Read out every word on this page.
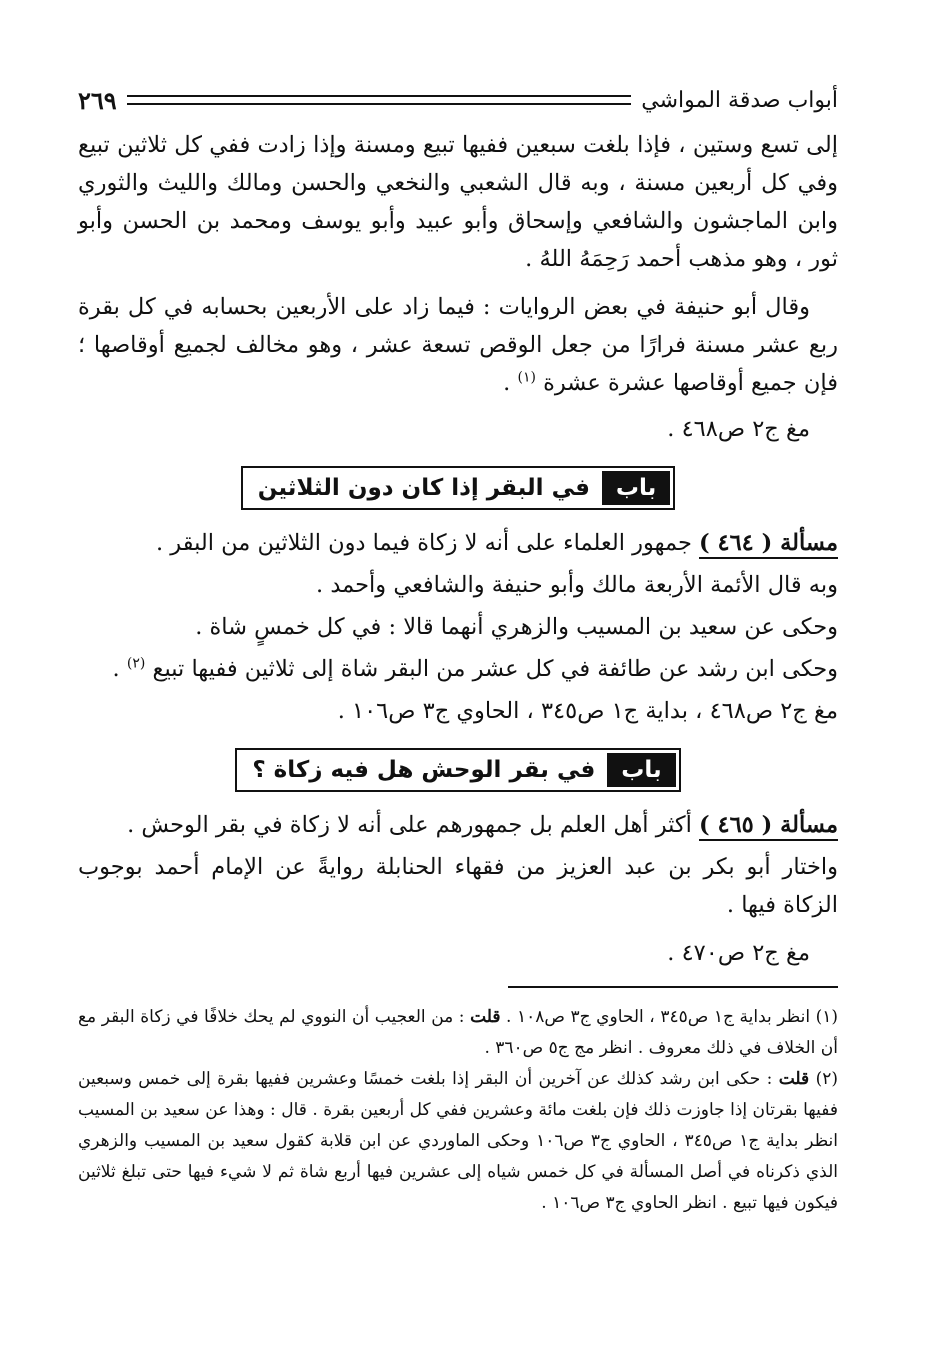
أبواب صدقة المواشي
٢٦٩

إلى تسع وستين ، فإذا بلغت سبعين ففيها تبيع ومسنة وإذا زادت ففي كل ثلاثين تبيع وفي كل أربعين مسنة ، وبه قال الشعبي والنخعي والحسن ومالك والليث والثوري وابن الماجشون والشافعي وإسحاق وأبو عبيد وأبو يوسف ومحمد بن الحسن وأبو ثور ، وهو مذهب أحمد رَحِمَهُ اللهُ .

وقال أبو حنيفة في بعض الروايات : فيما زاد على الأربعين بحسابه في كل بقرة ربع عشر مسنة فرارًا من جعل الوقص تسعة عشر ، وهو مخالف لجميع أوقاصها ؛ فإن جميع أوقاصها عشرة عشرة $^{(١)}$ .

مغ ج٢ ص٤٦٨ .

باب
في البقر إذا كان دون الثلاثين

مسألة ( ٤٦٤ ) جمهور العلماء على أنه لا زكاة فيما دون الثلاثين من البقر .

وبه قال الأئمة الأربعة مالك وأبو حنيفة والشافعي وأحمد .

وحكى عن سعيد بن المسيب والزهري أنهما قالا : في كل خمسٍ شاة .

وحكى ابن رشد عن طائفة في كل عشر من البقر شاة إلى ثلاثين ففيها تبيع $^{(٢)}$ .

مغ ج٢ ص٤٦٨ ، بداية ج١ ص٣٤٥ ، الحاوي ج٣ ص١٠٦ .

باب
في بقر الوحش هل فيه زكاة ؟

مسألة ( ٤٦٥ ) أكثر أهل العلم بل جمهورهم على أنه لا زكاة في بقر الوحش .

واختار أبو بكر بن عبد العزيز من فقهاء الحنابلة روايةً عن الإمام أحمد بوجوب الزكاة فيها .

مغ ج٢ ص٤٧٠ .

(١) انظر بداية ج١ ص٣٤٥ ، الحاوي ج٣ ص١٠٨ . قلت : من العجيب أن النووي لم يحك خلافًا في زكاة البقر مع أن الخلاف في ذلك معروف . انظر مج ج٥ ص٣٦٠ .

(٢) قلت : حكى ابن رشد كذلك عن آخرين أن البقر إذا بلغت خمسًا وعشرين ففيها بقرة إلى خمس وسبعين ففيها بقرتان إذا جاوزت ذلك فإن بلغت مائة وعشرين ففي كل أربعين بقرة . قال : وهذا عن سعيد بن المسيب انظر بداية ج١ ص٣٤٥ ، الحاوي ج٣ ص١٠٦ وحكى الماوردي عن ابن قلابة كقول سعيد بن المسيب والزهري الذي ذكرناه في أصل المسألة في كل خمس شياه إلى عشرين فيها أربع شاة ثم لا شيء فيها حتى تبلغ ثلاثين فيكون فيها تبيع . انظر الحاوي ج٣ ص١٠٦ .
